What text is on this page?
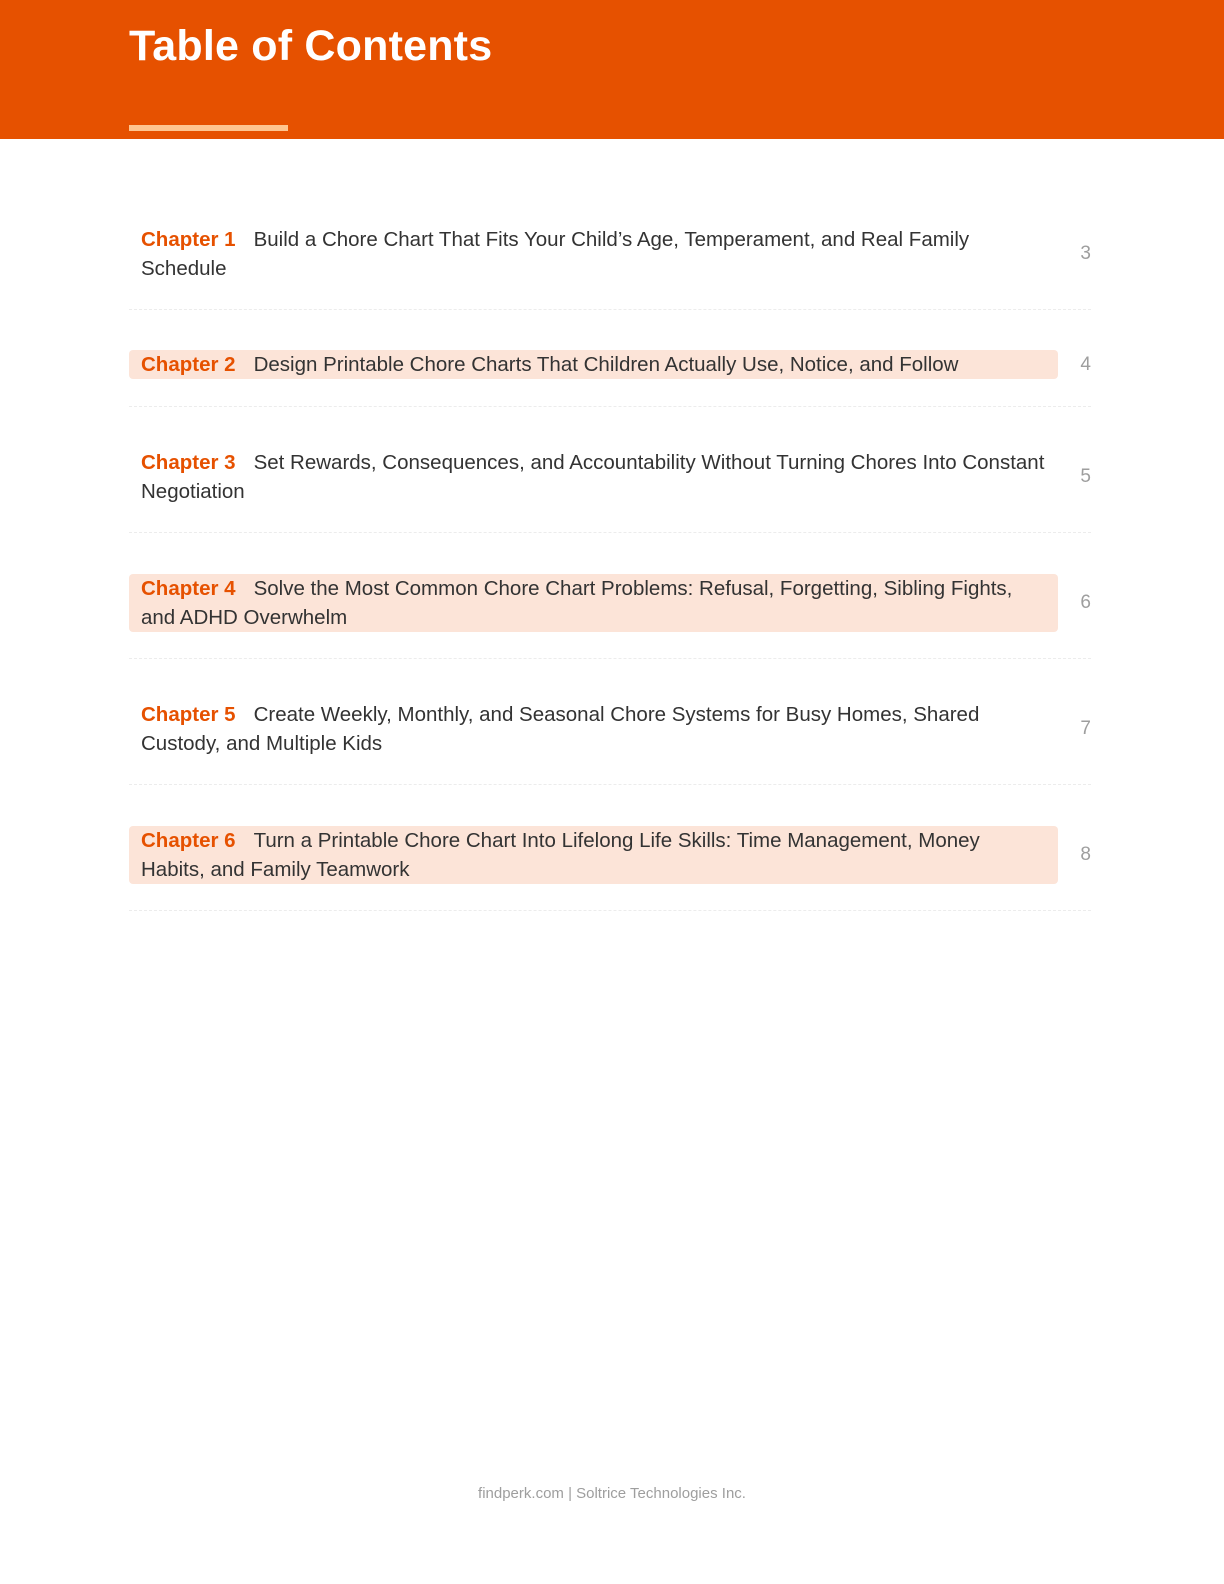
Table of Contents
Chapter 1 Build a Chore Chart That Fits Your Child’s Age, Temperament, and Real Family Schedule
3
Chapter 2 Design Printable Chore Charts That Children Actually Use, Notice, and Follow	4
Chapter 3 Set Rewards, Consequences, and Accountability Without Turning Chores Into Constant Negotiation
5
Chapter 4 Solve the Most Common Chore Chart Problems: Refusal, Forgetting, Sibling Fights, and ADHD Overwhelm
6
Chapter 5 Create Weekly, Monthly, and Seasonal Chore Systems for Busy Homes, Shared Custody, and Multiple Kids
7
Chapter 6 Turn a Printable Chore Chart Into Lifelong Life Skills: Time Management, Money Habits, and Family Teamwork
8
findperk.com | Soltrice Technologies Inc.
